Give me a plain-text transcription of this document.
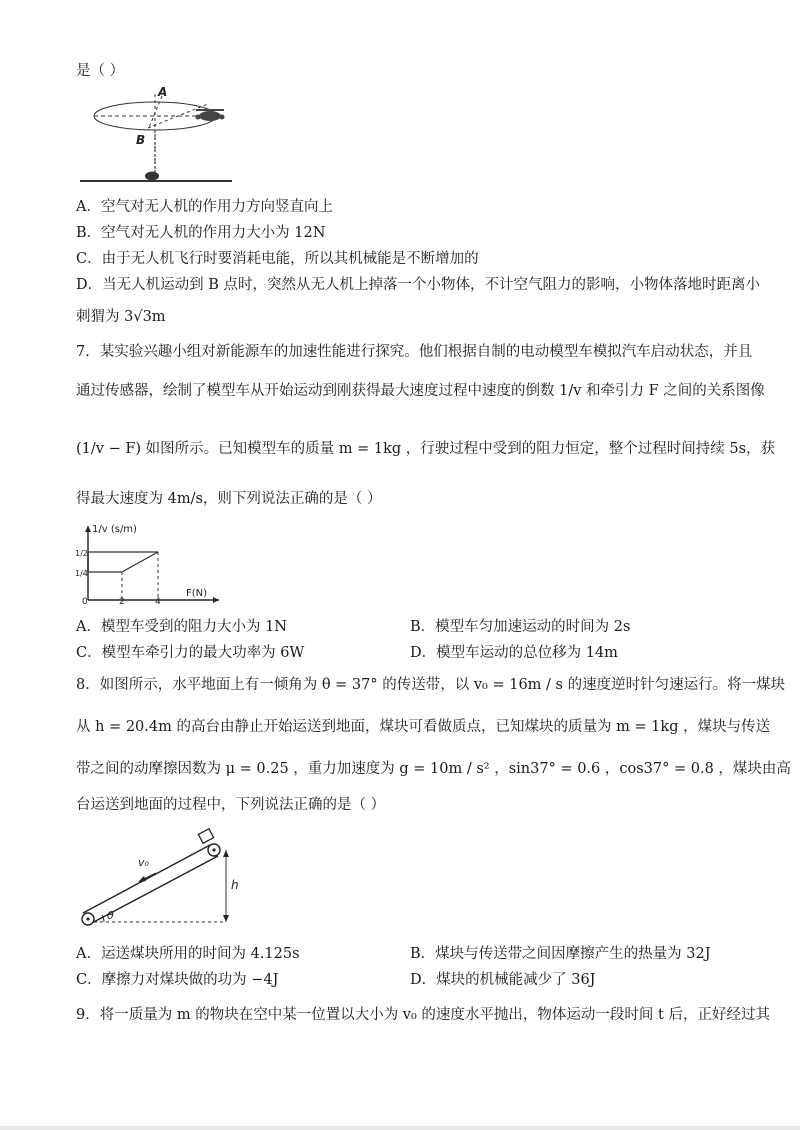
是（ ）
A
B
A．空气对无人机的作用力方向竖直向上
B．空气对无人机的作用力大小为 12N
C．由于无人机飞行时要消耗电能，所以其机械能是不断增加的
D．当无人机运动到 B 点时，突然从无人机上掉落一个小物体，不计空气阻力的影响，小物体落地时距离小
刺猬为 3√3m
7．某实验兴趣小组对新能源车的加速性能进行探究。他们根据自制的电动模型车模拟汽车启动状态，并且
通过传感器，绘制了模型车从开始运动到刚获得最大速度过程中速度的倒数 1/v 和牵引力 F 之间的关系图像
(1/v − F) 如图所示。已知模型车的质量 m = 1kg ，行驶过程中受到的阻力恒定，整个过程时间持续 5s，获
得最大速度为 4m/s，则下列说法正确的是（ ）
1/v (s/m)
F(N)
1/2
1/4
0	2	4
A．模型车受到的阻力大小为 1N	B．模型车匀加速运动的时间为 2s
C．模型车牵引力的最大功率为 6W	D．模型车运动的总位移为 14m
8．如图所示，水平地面上有一倾角为 θ = 37° 的传送带，以 v₀ = 16m / s 的速度逆时针匀速运行。将一煤块
从 h = 20.4m 的高台由静止开始运送到地面，煤块可看做质点，已知煤块的质量为 m = 1kg ，煤块与传送
带之间的动摩擦因数为 μ = 0.25 ，重力加速度为 g = 10m / s² ，sin37° = 0.6 ，cos37° = 0.8 ，煤块由高
台运送到地面的过程中，下列说法正确的是（ ）
v₀
h
θ
A．运送煤块所用的时间为 4.125s	B．煤块与传送带之间因摩擦产生的热量为 32J
C．摩擦力对煤块做的功为 −4J	D．煤块的机械能减少了 36J
9．将一质量为 m 的物块在空中某一位置以大小为 v₀ 的速度水平抛出，物体运动一段时间 t 后，正好经过其
